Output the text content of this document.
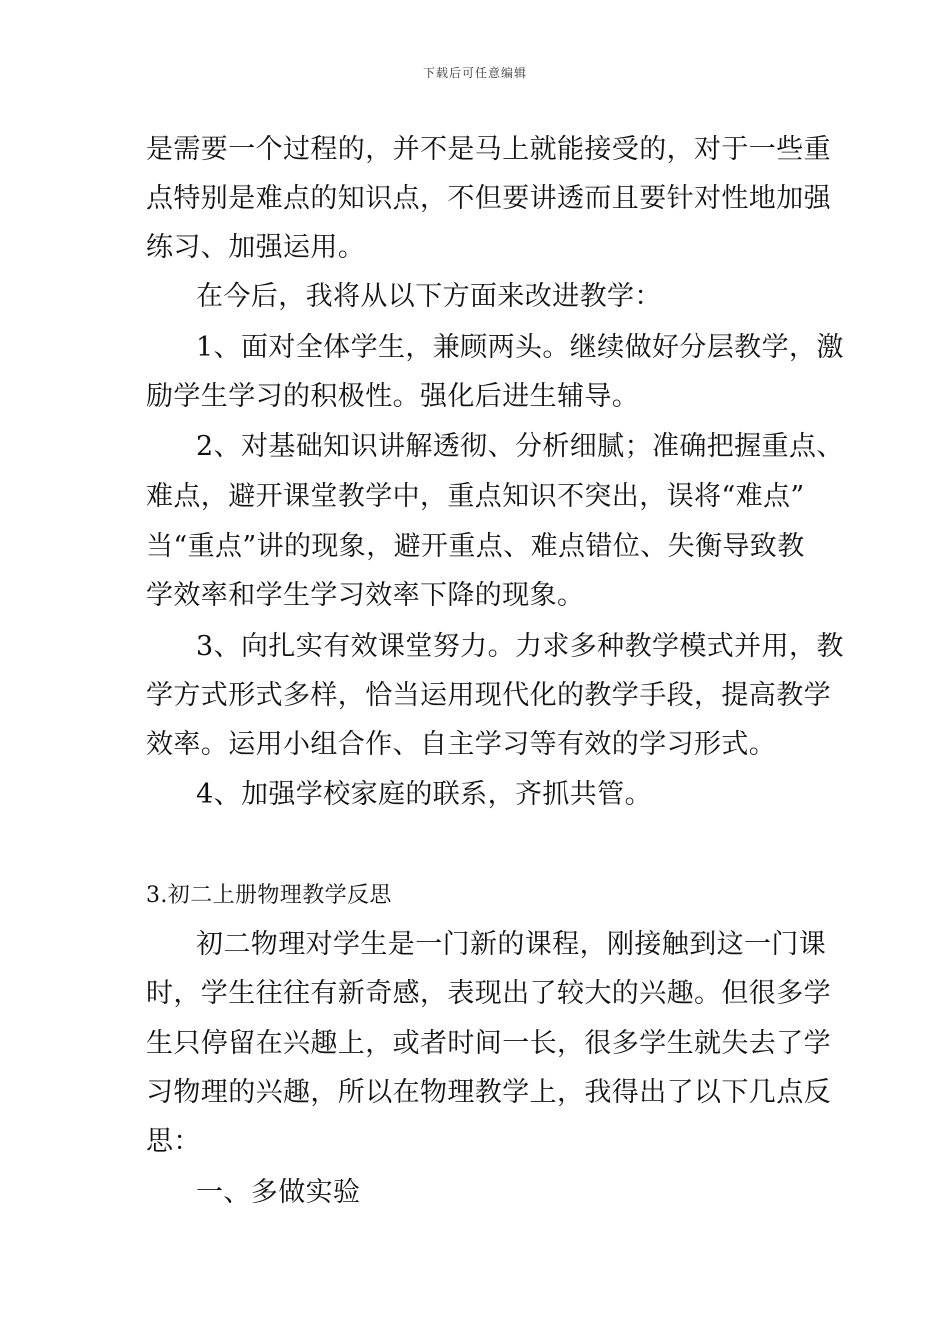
下载后可任意编辑
是需要一个过程的，并不是马上就能接受的，对于一些重
点特别是难点的知识点，不但要讲透而且要针对性地加强
练习、加强运用。
在今后，我将从以下方面来改进教学：
1、面对全体学生，兼顾两头。继续做好分层教学，激
励学生学习的积极性。强化后进生辅导。
2、对基础知识讲解透彻、分析细腻；准确把握重点、
难点，避开课堂教学中，重点知识不突出，误将“难点”
当“重点”讲的现象，避开重点、难点错位、失衡导致教
学效率和学生学习效率下降的现象。
3、向扎实有效课堂努力。力求多种教学模式并用，教
学方式形式多样，恰当运用现代化的教学手段，提高教学
效率。运用小组合作、自主学习等有效的学习形式。
4、加强学校家庭的联系，齐抓共管。
3.初二上册物理教学反思
初二物理对学生是一门新的课程，刚接触到这一门课
时，学生往往有新奇感，表现出了较大的兴趣。但很多学
生只停留在兴趣上，或者时间一长，很多学生就失去了学
习物理的兴趣，所以在物理教学上，我得出了以下几点反
思：
一、多做实验
